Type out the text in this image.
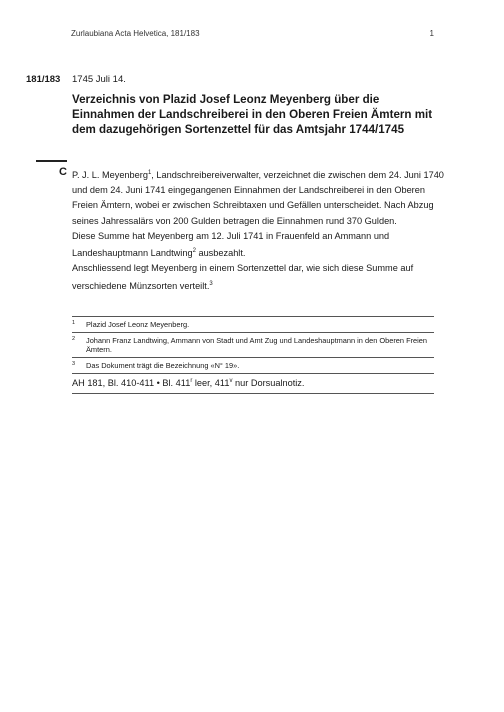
Zurlaubiana Acta Helvetica, 181/183	1
181/183 1745 Juli 14.
Verzeichnis von Plazid Josef Leonz Meyenberg über die Einnahmen der Landschreiberei in den Oberen Freien Ämtern mit dem dazugehörigen Sortenzettel für das Amtsjahr 1744/1745
C P. J. L. Meyenberg$^1$, Landschreibereiverwalter, verzeichnet die zwischen dem 24. Juni 1740 und dem 24. Juni 1741 eingegangenen Einnahmen der Landschreiberei in den Oberen Freien Ämtern, wobei er zwischen Schreibtaxen und Gefällen unterscheidet. Nach Abzug seines Jahressalärs von 200 Gulden betragen die Einnahmen rund 370 Gulden.

Diese Summe hat Meyenberg am 12. Juli 1741 in Frauenfeld an Ammann und Landeshauptmann Landtwing$^2$ ausbezahlt.

Anschliessend legt Meyenberg in einem Sortenzettel dar, wie sich diese Summe auf verschiedene Münzsorten verteilt.$^3$

1 Plazid Josef Leonz Meyenberg.
2 Johann Franz Landtwing, Ammann von Stadt und Amt Zug und Landeshauptmann in den Oberen Freien Ämtern.
3 Das Dokument trägt die Bezeichnung «N° 19».
AH 181, Bl. 410-411 • Bl. 411$^r$ leer, 411$^v$ nur Dorsualnotiz.
